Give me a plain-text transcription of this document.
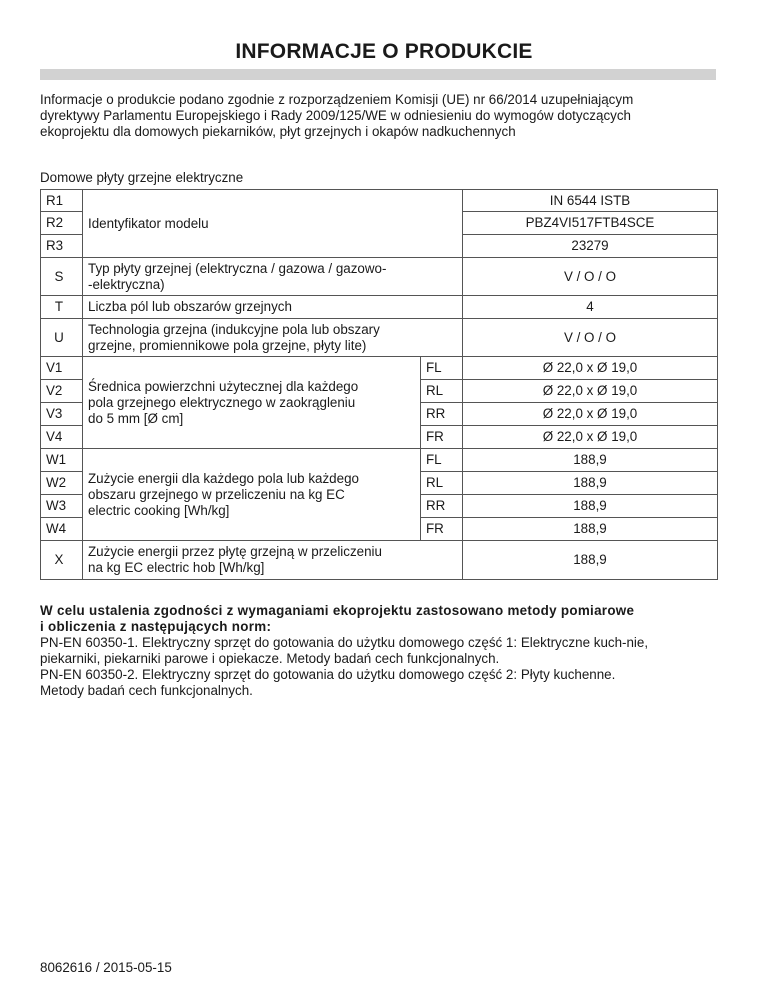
INFORMACJE O PRODUKCIE

Informacje o produkcie podano zgodnie z rozporządzeniem Komisji (UE) nr 66/2014 uzupełniającym

dyrektywy Parlamentu Europejskiego i Rady 2009/125/WE w odniesieniu do wymogów dotyczących

ekoprojektu dla domowych piekarników, płyt grzejnych i okapów nadkuchennych

Domowe płyty grzejne elektryczne
R1	Identyfikator modelu		IN 6544 ISTB
R2			PBZ4VI517FTB4SCE
R3			23279
S	Typ płyty grzejnej (elektryczna / gazowa / gazowo-
-elektryczna)		V / O / O
T	Liczba pól lub obszarów grzejnych		4
U	Technologia grzejna (indukcyjne pola lub obszary
grzejne, promiennikowe pola grzejne, płyty lite)		V / O / O
V1	Średnica powierzchni użytecznej dla każdego
pola grzejnego elektrycznego w zaokrągleniu
do 5 mm [Ø cm]	FL	Ø 22,0 x Ø 19,0
V2		RL	Ø 22,0 x Ø 19,0
V3		RR	Ø 22,0 x Ø 19,0
V4		FR	Ø 22,0 x Ø 19,0
W1	Zużycie energii dla każdego pola lub każdego
obszaru grzejnego w przeliczeniu na kg EC
electric cooking [Wh/kg]	FL	188,9
W2		RL	188,9
W3		RR	188,9
W4		FR	188,9
X	Zużycie energii przez płytę grzejną w przeliczeniu
na kg EC electric hob [Wh/kg]		188,9

W celu ustalenia zgodności z wymaganiami ekoprojektu zastosowano metody pomiarowe

i obliczenia z następujących norm:

PN-EN 60350-1. Elektryczny sprzęt do gotowania do użytku domowego część 1: Elektryczne kuch-nie,

piekarniki, piekarniki parowe i opiekacze. Metody badań cech funkcjonalnych.

PN-EN 60350-2. Elektryczny sprzęt do gotowania do użytku domowego część 2: Płyty kuchenne.

Metody badań cech funkcjonalnych.

8062616 / 2015-05-15
